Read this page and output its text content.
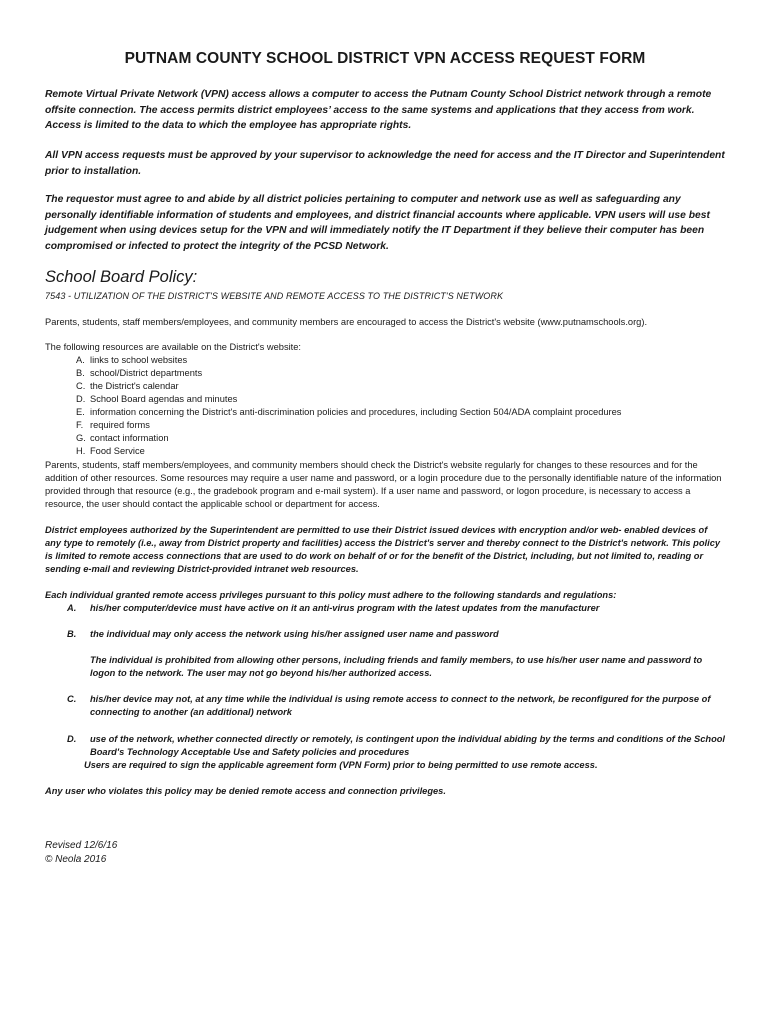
PUTNAM COUNTY SCHOOL DISTRICT VPN ACCESS REQUEST FORM

Remote Virtual Private Network (VPN) access allows a computer to access the Putnam County School District network through a remote offsite connection. The access permits district employees’ access to the same systems and applications that they access from work. Access is limited to the data to which the employee has appropriate rights.

All VPN access requests must be approved by your supervisor to acknowledge the need for access and the IT Director and Superintendent prior to installation.

The requestor must agree to and abide by all district policies pertaining to computer and network use as well as safeguarding any personally identifiable information of students and employees, and district financial accounts where applicable. VPN users will use best judgement when using devices setup for the VPN and will immediately notify the IT Department if they believe their computer has been compromised or infected to protect the integrity of the PCSD Network.

School Board Policy:

7543 - UTILIZATION OF THE DISTRICT'S WEBSITE AND REMOTE ACCESS TO THE DISTRICT'S NETWORK

Parents, students, staff members/employees, and community members are encouraged to access the District's website (www.putnamschools.org).

The following resources are available on the District's website:

A. links to school websites
B. school/District departments
C. the District's calendar
D. School Board agendas and minutes
E. information concerning the District's anti-discrimination policies and procedures, including Section 504/ADA complaint procedures
F. required forms
G. contact information
H. Food Service

Parents, students, staff members/employees, and community members should check the District's website regularly for changes to these resources and for the addition of other resources. Some resources may require a user name and password, or a login procedure due to the personally identifiable nature of the information provided through that resource (e.g., the gradebook program and e-mail system). If a user name and password, or logon procedure, is necessary to access a resource, the user should contact the applicable school or department for access.

District employees authorized by the Superintendent are permitted to use their District issued devices with encryption and/or web- enabled devices of any type to remotely (i.e., away from District property and facilities) access the District's server and thereby connect to the District's network. This policy is limited to remote access connections that are used to do work on behalf of or for the benefit of the District, including, but not limited to, reading or sending e-mail and reviewing District-provided intranet web resources.

Each individual granted remote access privileges pursuant to this policy must adhere to the following standards and regulations:

A.	his/her computer/device must have active on it an anti-virus program with the latest updates from the manufacturer
B.	the individual may only access the network using his/her assigned user name and password

The individual is prohibited from allowing other persons, including friends and family members, to use his/her user name and password to logon to the network. The user may not go beyond his/her authorized access.

C.	his/her device may not, at any time while the individual is using remote access to connect to the network, be reconfigured for the purpose of connecting to another (an additional) network
D.	use of the network, whether connected directly or remotely, is contingent upon the individual abiding by the terms and conditions of the School Board's Technology Acceptable Use and Safety policies and procedures

Users are required to sign the applicable agreement form (VPN Form) prior to being permitted to use remote access.

Any user who violates this policy may be denied remote access and connection privileges.

Revised 12/6/16

© Neola 2016
